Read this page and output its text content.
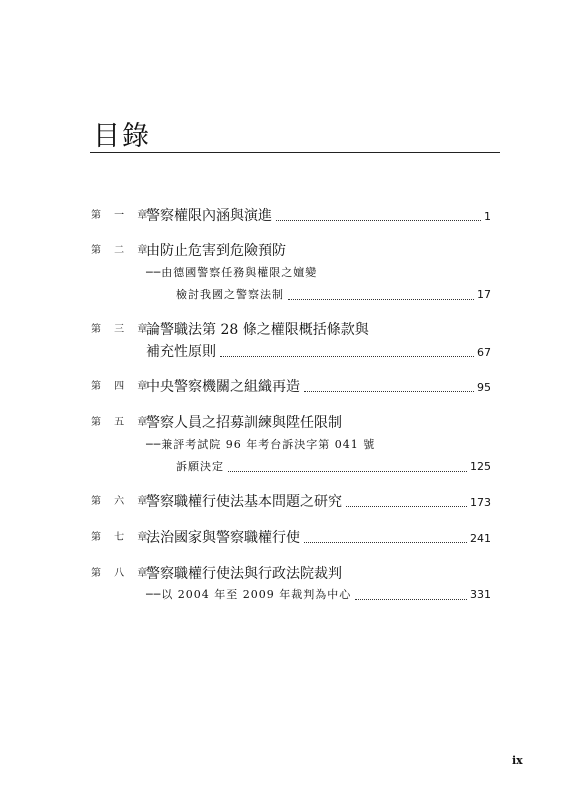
目錄
第 一 章
警察權限內涵與演進	1
第 二 章
由防止危害到危險預防
──由德國警察任務與權限之嬗變
檢討我國之警察法制	17
第 三 章
論警職法第 28 條之權限概括條款與
補充性原則	67
第 四 章
中央警察機關之組織再造	95
第 五 章
警察人員之招募訓練與陞任限制
──兼評考試院 96 年考台訴決字第 041 號
訴願決定	125
第 六 章
警察職權行使法基本問題之研究	173
第 七 章
法治國家與警察職權行使	241
第 八 章
警察職權行使法與行政法院裁判
──以 2004 年至 2009 年裁判為中心	331
ix
